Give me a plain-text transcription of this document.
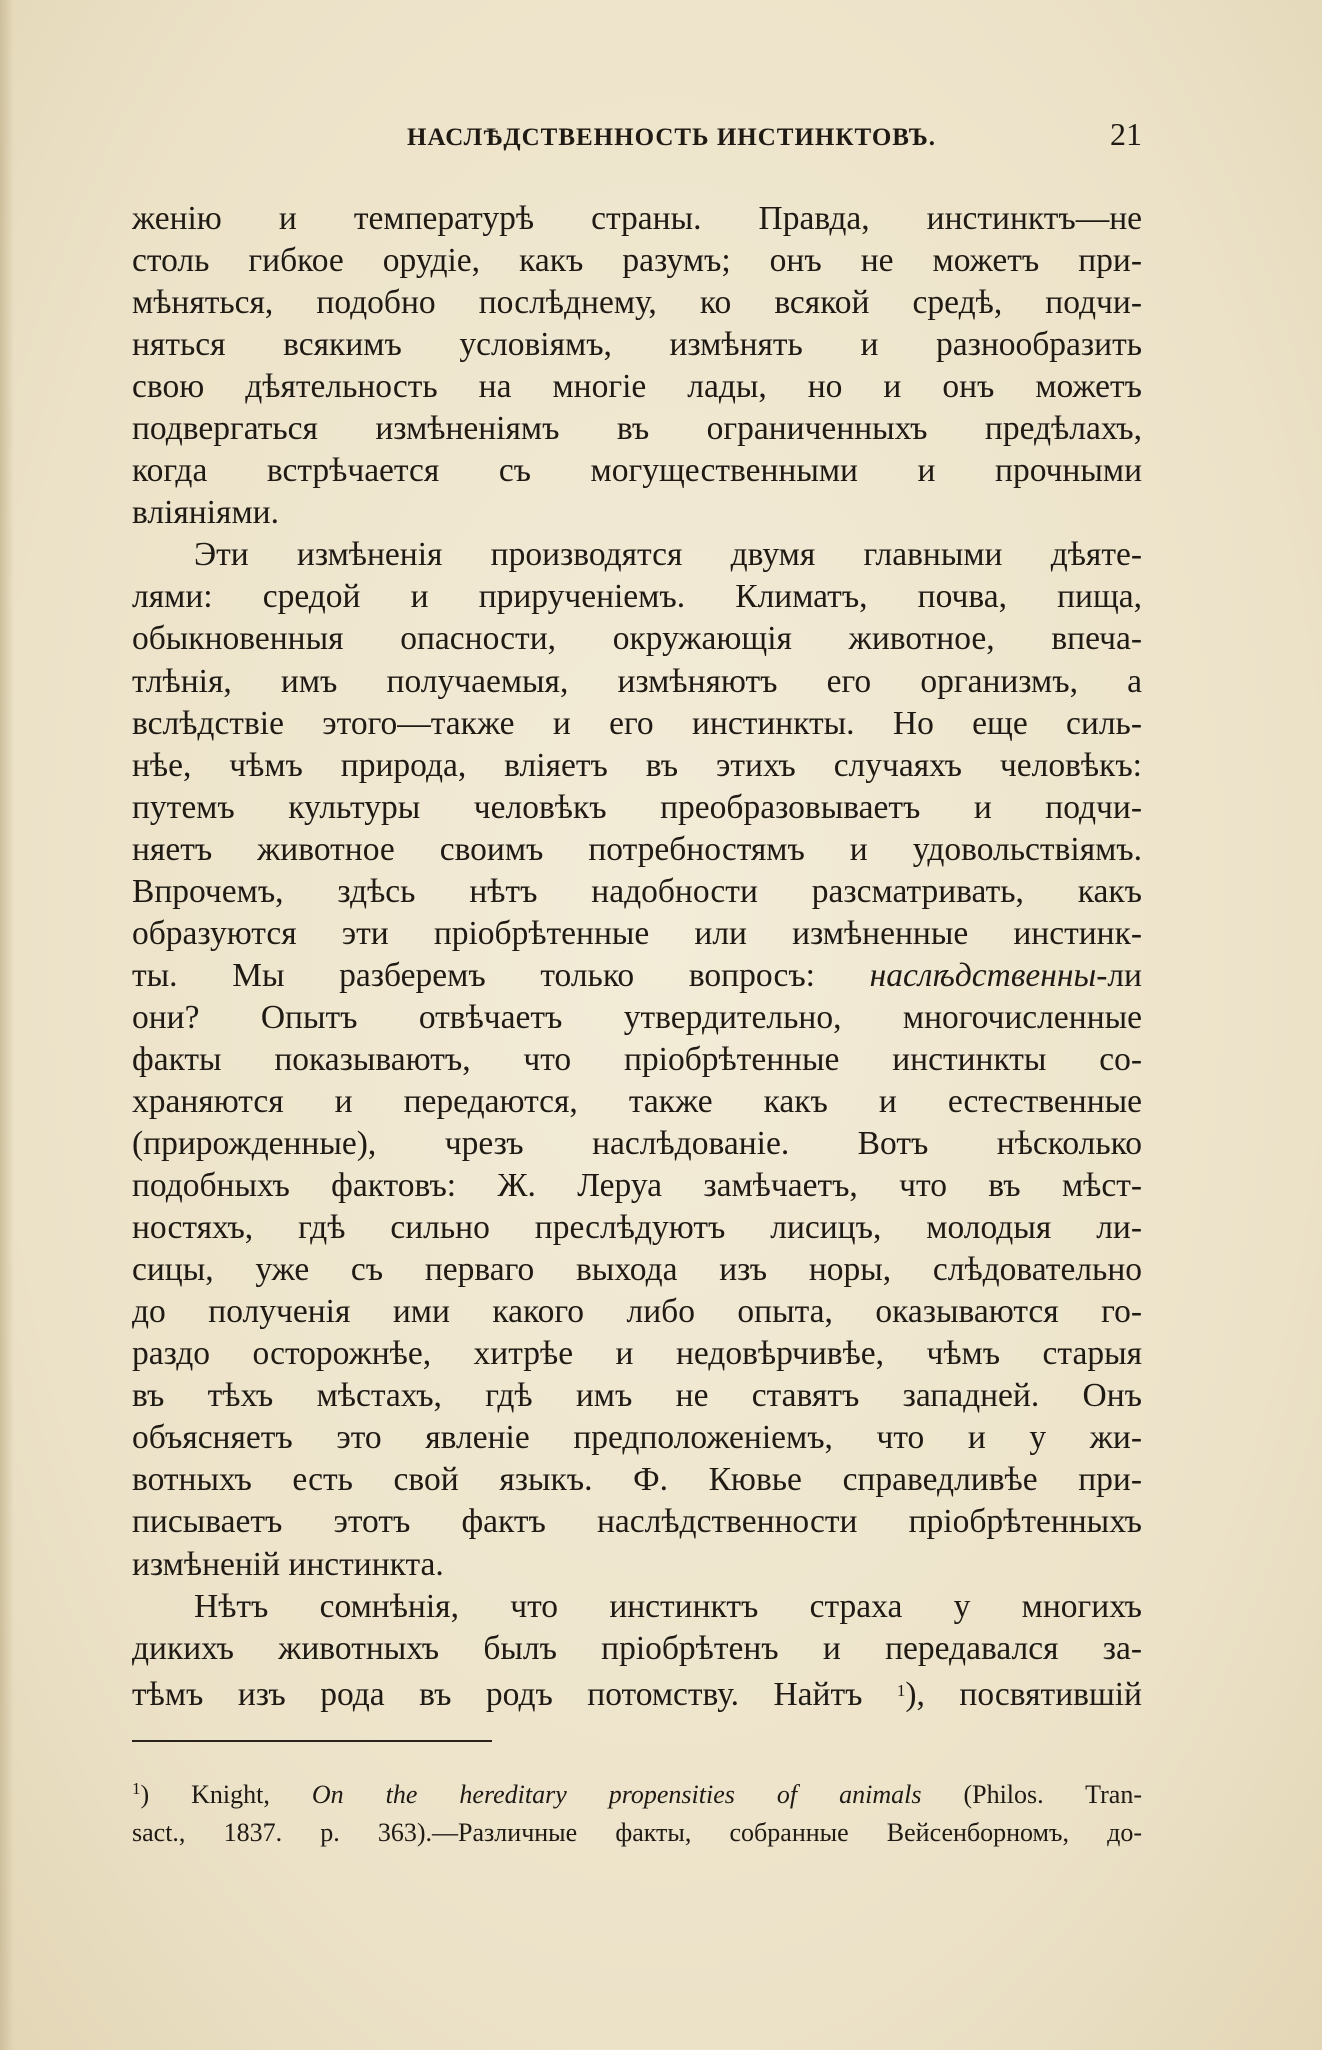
НАСЛѢДСТВЕННОСТЬ ИНСТИНКТОВЪ.	21
женію и температурѣ страны. Правда, инстинктъ—не
столь гибкое орудіе, какъ разумъ; онъ не можетъ при-
мѣняться, подобно послѣднему, ко всякой средѣ, подчи-
няться всякимъ условіямъ, измѣнять и разнообразить
свою дѣятельность на многіе лады, но и онъ можетъ
подвергаться измѣненіямъ въ ограниченныхъ предѣлахъ,
когда встрѣчается съ могущественными и прочными
вліяніями.
Эти измѣненія производятся двумя главными дѣяте-
лями: средой и прирученіемъ. Климатъ, почва, пища,
обыкновенныя опасности, окружающія животное, впеча-
тлѣнія, имъ получаемыя, измѣняютъ его организмъ, а
вслѣдствіе этого—также и его инстинкты. Но еще силь-
нѣе, чѣмъ природа, вліяетъ въ этихъ случаяхъ человѣкъ:
путемъ культуры человѣкъ преобразовываетъ и подчи-
няетъ животное своимъ потребностямъ и удовольствіямъ.
Впрочемъ, здѣсь нѣтъ надобности разсматривать, какъ
образуются эти пріобрѣтенные или измѣненные инстинк-
ты. Мы разберемъ только вопросъ: наслѣдственны-ли
они? Опытъ отвѣчаетъ утвердительно, многочисленные
факты показываютъ, что пріобрѣтенные инстинкты со-
храняются и передаются, также какъ и естественные
(прирожденные), чрезъ наслѣдованіе. Вотъ нѣсколько
подобныхъ фактовъ: Ж. Леруа замѣчаетъ, что въ мѣст-
ностяхъ, гдѣ сильно преслѣдуютъ лисицъ, молодыя ли-
сицы, уже съ перваго выхода изъ норы, слѣдовательно
до полученія ими какого либо опыта, оказываются го-
раздо осторожнѣе, хитрѣе и недовѣрчивѣе, чѣмъ старыя
въ тѣхъ мѣстахъ, гдѣ имъ не ставятъ западней. Онъ
объясняетъ это явленіе предположеніемъ, что и у жи-
вотныхъ есть свой языкъ. Ф. Кювье справедливѣе при-
писываетъ этотъ фактъ наслѣдственности пріобрѣтенныхъ
измѣненій инстинкта.
Нѣтъ сомнѣнія, что инстинктъ страха у многихъ
дикихъ животныхъ былъ пріобрѣтенъ и передавался за-
тѣмъ изъ рода въ родъ потомству. Найтъ $^1$), посвятившій
$^1$) Knight, On the hereditary propensities of animals (Philos. Tran-
sact., 1837. p. 363).—Различные факты, собранные Вейсенборномъ, до-
